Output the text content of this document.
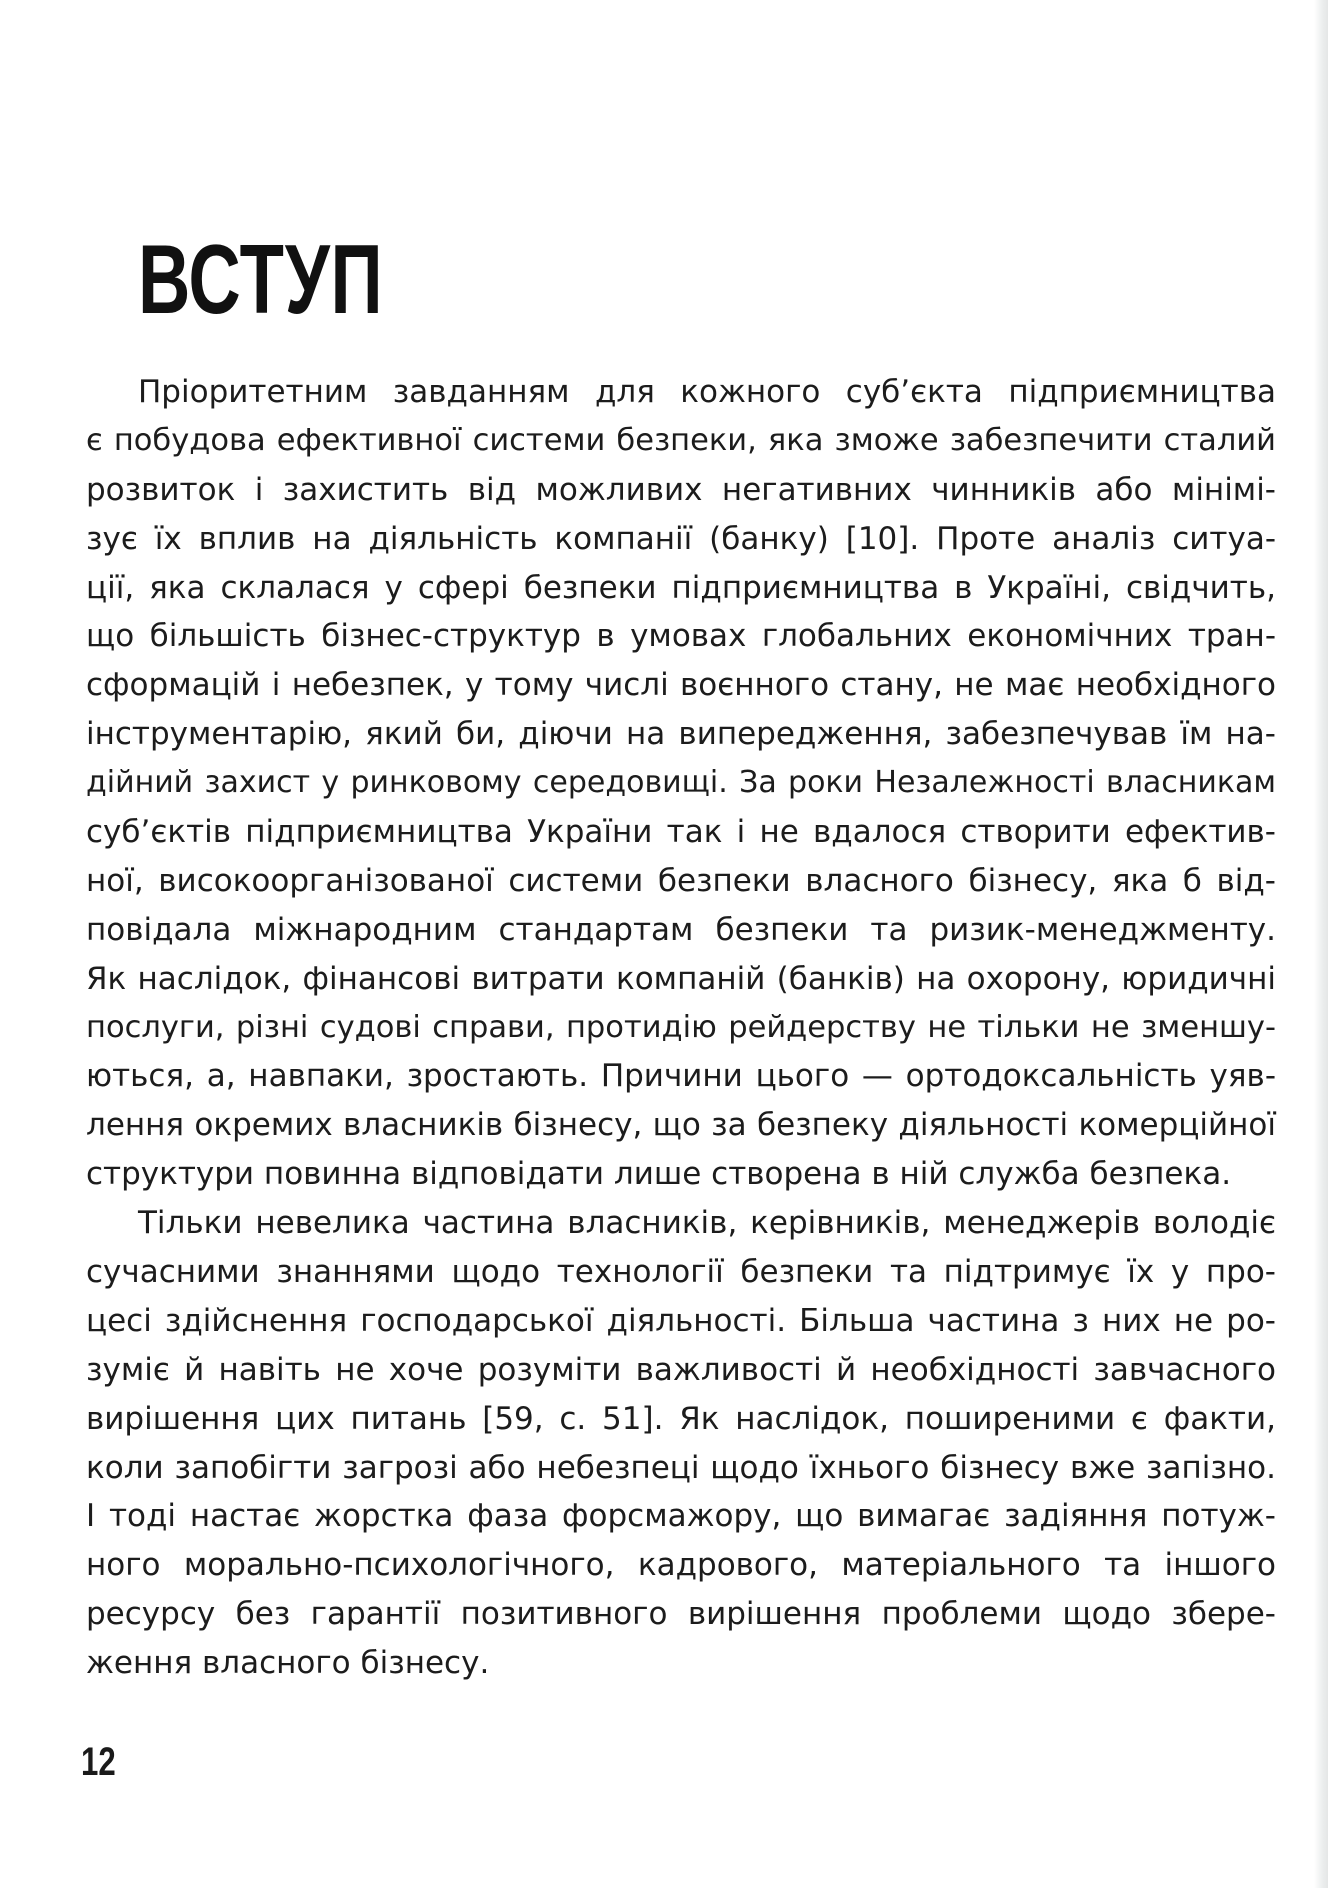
ВСТУП
Пріоритетним завданням для кожного суб’єкта підприємництва
є побудова ефективної системи безпеки, яка зможе забезпечити сталий
розвиток і захистить від можливих негативних чинників або мінімі-
зує їх вплив на діяльність компанії (банку) [10]. Проте аналіз ситуа-
ції, яка склалася у сфері безпеки підприємництва в Україні, свідчить,
що більшість бізнес-структур в умовах глобальних економічних тран-
сформацій і небезпек, у тому числі воєнного стану, не має необхідного
інструментарію, який би, діючи на випередження, забезпечував їм на-
дійний захист у ринковому середовищі. За роки Незалежності власникам
суб’єктів підприємництва України так і не вдалося створити ефектив-
ної, високоорганізованої системи безпеки власного бізнесу, яка б від-
повідала міжнародним стандартам безпеки та ризик-менеджменту.
Як наслідок, фінансові витрати компаній (банків) на охорону, юридичні
послуги, різні судові справи, протидію рейдерству не тільки не зменшу-
ються, а, навпаки, зростають. Причини цього — ортодоксальність уяв-
лення окремих власників бізнесу, що за безпеку діяльності комерційної
структури повинна відповідати лише створена в ній служба безпека.
Тільки невелика частина власників, керівників, менеджерів володіє
сучасними знаннями щодо технології безпеки та підтримує їх у про-
цесі здійснення господарської діяльності. Більша частина з них не ро-
зуміє й навіть не хоче розуміти важливості й необхідності завчасного
вирішення цих питань [59, с. 51]. Як наслідок, поширеними є факти,
коли запобігти загрозі або небезпеці щодо їхнього бізнесу вже запізно.
І тоді настає жорстка фаза форсмажору, що вимагає задіяння потуж-
ного морально-психологічного, кадрового, матеріального та іншого
ресурсу без гарантії позитивного вирішення проблеми щодо збере-
ження власного бізнесу.
12
